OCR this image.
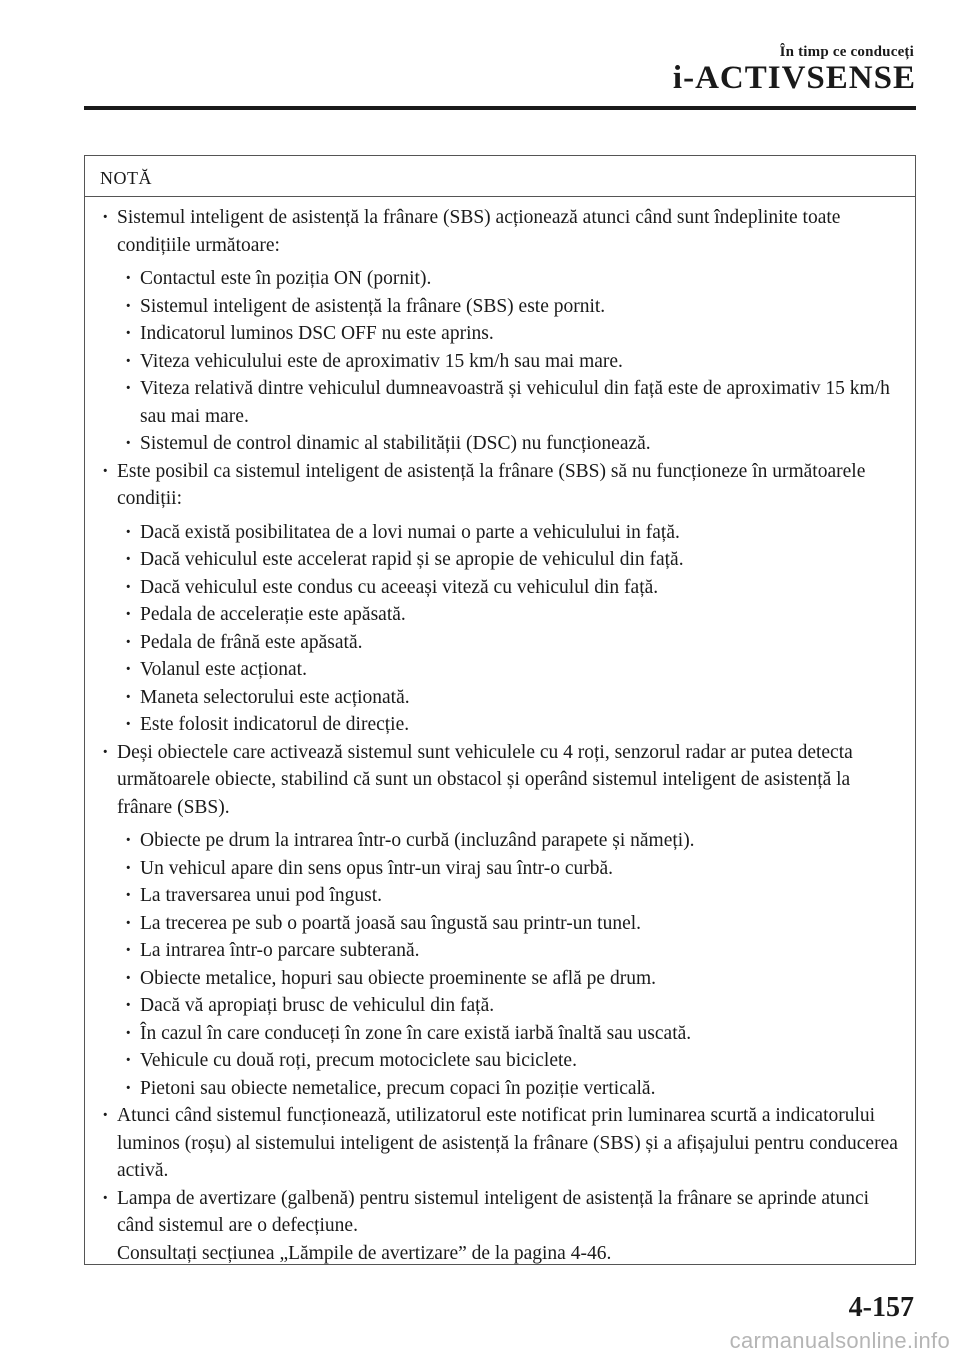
În timp ce conduceți
i-ACTIVSENSE
NOTĂ
· Sistemul inteligent de asistență la frânare (SBS) acționează atunci când sunt îndeplinite toate condițiile următoare:
· Contactul este în poziția ON (pornit).
· Sistemul inteligent de asistență la frânare (SBS) este pornit.
· Indicatorul luminos DSC OFF nu este aprins.
· Viteza vehiculului este de aproximativ 15 km/h sau mai mare.
· Viteza relativă dintre vehiculul dumneavoastră și vehiculul din față este de aproximativ 15 km/h sau mai mare.
· Sistemul de control dinamic al stabilității (DSC) nu funcționează.
· Este posibil ca sistemul inteligent de asistență la frânare (SBS) să nu funcționeze în următoarele condiții:
· Dacă există posibilitatea de a lovi numai o parte a vehiculului in față.
· Dacă vehiculul este accelerat rapid și se apropie de vehiculul din față.
· Dacă vehiculul este condus cu aceeași viteză cu vehiculul din față.
· Pedala de accelerație este apăsată.
· Pedala de frână este apăsată.
· Volanul este acționat.
· Maneta selectorului este acționată.
· Este folosit indicatorul de direcție.
· Deși obiectele care activează sistemul sunt vehiculele cu 4 roți, senzorul radar ar putea detecta următoarele obiecte, stabilind că sunt un obstacol și operând sistemul inteligent de asistență la frânare (SBS).
· Obiecte pe drum la intrarea într-o curbă (incluzând parapete și nămeți).
· Un vehicul apare din sens opus într-un viraj sau într-o curbă.
· La traversarea unui pod îngust.
· La trecerea pe sub o poartă joasă sau îngustă sau printr-un tunel.
· La intrarea într-o parcare subterană.
· Obiecte metalice, hopuri sau obiecte proeminente se află pe drum.
· Dacă vă apropiați brusc de vehiculul din față.
· În cazul în care conduceți în zone în care există iarbă înaltă sau uscată.
· Vehicule cu două roți, precum motociclete sau biciclete.
· Pietoni sau obiecte nemetalice, precum copaci în poziție verticală.
· Atunci când sistemul funcționează, utilizatorul este notificat prin luminarea scurtă a indicatorului luminos (roșu) al sistemului inteligent de asistență la frânare (SBS) și a afișajului pentru conducerea activă.
· Lampa de avertizare (galbenă) pentru sistemul inteligent de asistență la frânare se aprinde atunci când sistemul are o defecțiune.
Consultați secțiunea „Lămpile de avertizare” de la pagina 4-46.
4-157
carmanualsonline.info
